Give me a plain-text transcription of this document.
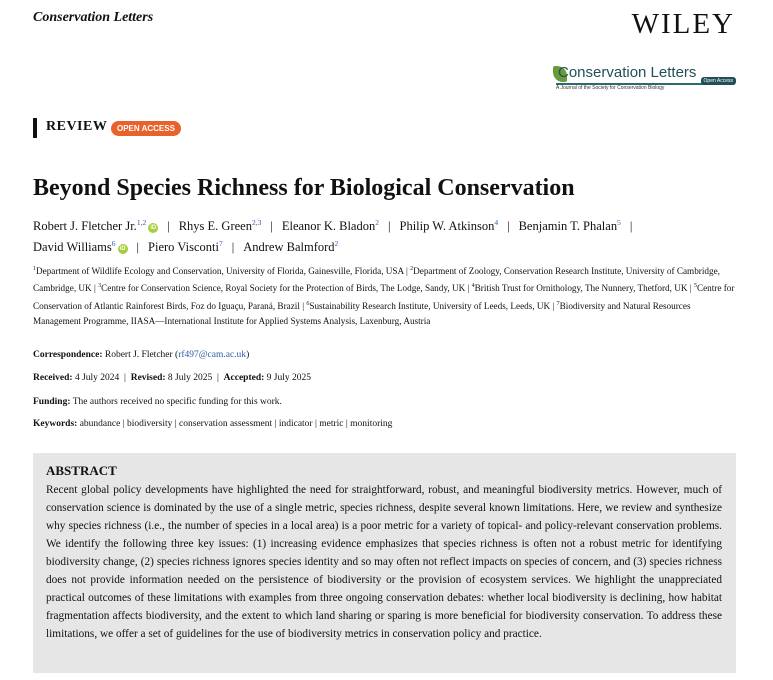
Conservation Letters	WILEY
Conservation Letters
A Journal of the Society for Conservation Biology
Open Access
REVIEW	OPEN ACCESS
Beyond Species Richness for Biological Conservation
Robert J. Fletcher Jr.$^{1,2}$iD | Rhys E. Green$^{2,3}$ | Eleanor K. Bladon$^2$ | Philip W. Atkinson$^4$ | Benjamin T. Phalan$^5$ |
David Williams$^6$iD | Piero Visconti$^7$ | Andrew Balmford$^2$
$^1$Department of Wildlife Ecology and Conservation, University of Florida, Gainesville, Florida, USA | $^2$Department of Zoology, Conservation Research Institute, University of Cambridge, Cambridge, UK | $^3$Centre for Conservation Science, Royal Society for the Protection of Birds, The Lodge, Sandy, UK | $^4$British Trust for Ornithology, The Nunnery, Thetford, UK | $^5$Centre for Conservation of Atlantic Rainforest Birds, Foz do Iguaçu, Paraná, Brazil | $^6$Sustainability Research Institute, University of Leeds, Leeds, UK | $^7$Biodiversity and Natural Resources Management Programme, IIASA—International Institute for Applied Systems Analysis, Laxenburg, Austria
Correspondence: Robert J. Fletcher (rf497@cam.ac.uk)
Received: 4 July 2024  |  Revised: 8 July 2025  |  Accepted: 9 July 2025
Funding: The authors received no specific funding for this work.
Keywords: abundance | biodiversity | conservation assessment | indicator | metric | monitoring
ABSTRACT
Recent global policy developments have highlighted the need for straightforward, robust, and meaningful biodiversity metrics. However, much of conservation science is dominated by the use of a single metric, species richness, despite several known limitations. Here, we review and synthesize why species richness (i.e., the number of species in a local area) is a poor metric for a variety of topical- and policy-relevant conservation problems. We identify the following three key issues: (1) increasing evidence emphasizes that species richness is often not a robust metric for identifying biodiversity change, (2) species richness ignores species identity and so may often not reflect impacts on species of concern, and (3) species richness does not provide information needed on the persistence of biodiversity or the provision of ecosystem services. We highlight the unappreciated practical outcomes of these limitations with examples from three ongoing conservation debates: whether local biodiversity is declining, how habitat fragmentation affects biodiversity, and the extent to which land sharing or sparing is more beneficial for biodiversity conservation. To address these limitations, we offer a set of guidelines for the use of biodiversity metrics in conservation policy and practice.
